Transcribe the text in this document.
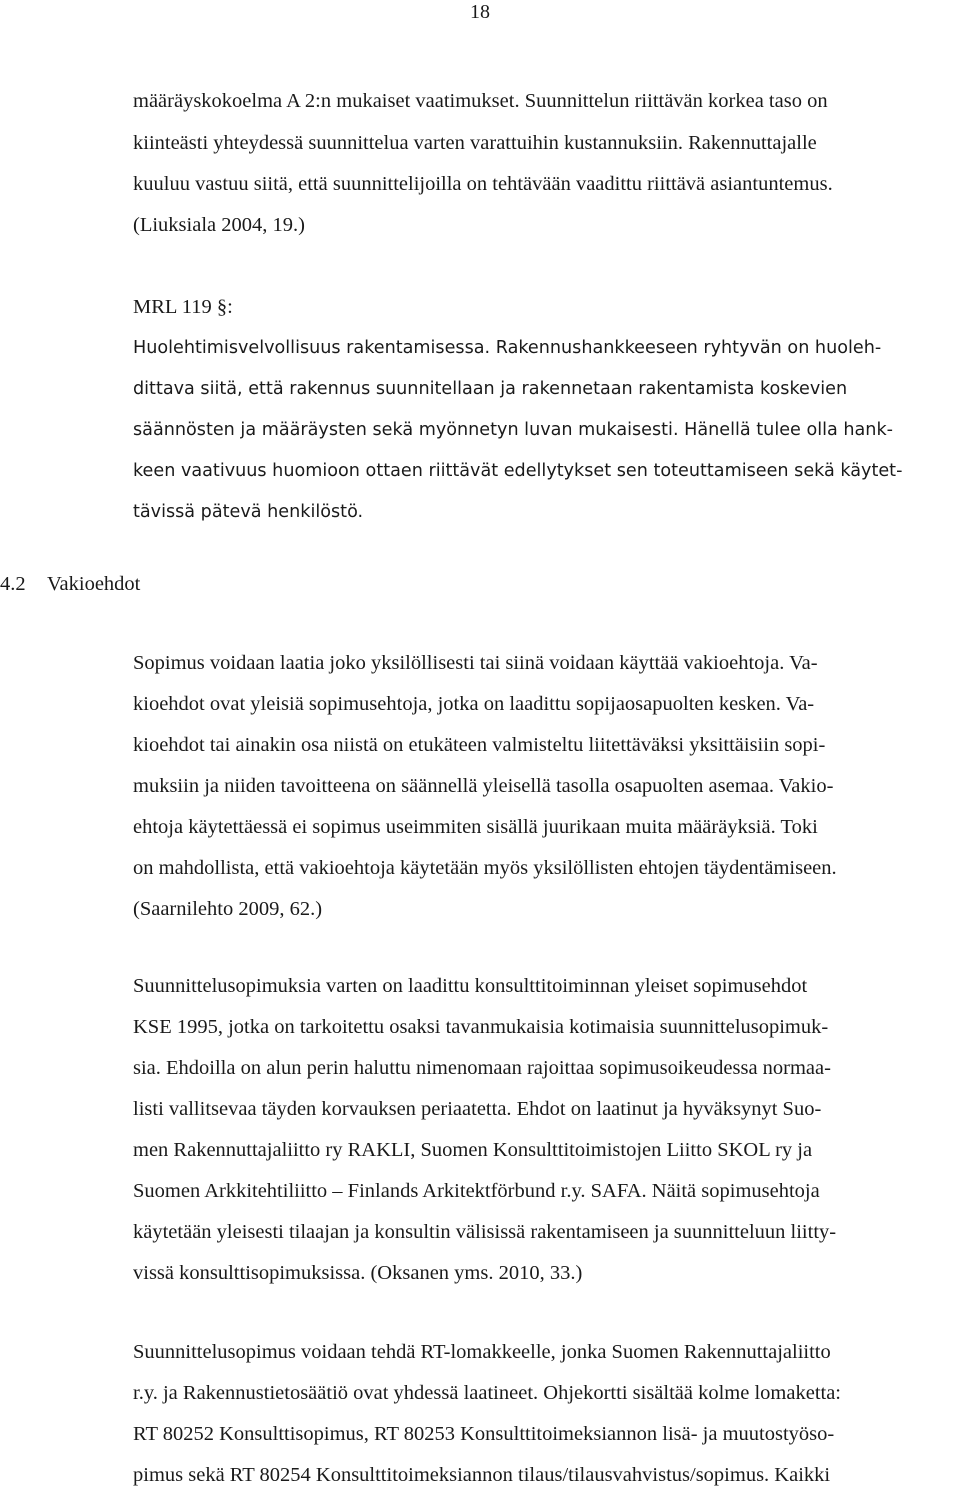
18
määräyskokoelma A 2:n mukaiset vaatimukset. Suunnittelun riittävän korkea taso on
kiinteästi yhteydessä suunnittelua varten varattuihin kustannuksiin. Rakennuttajalle
kuuluu vastuu siitä, että suunnittelijoilla on tehtävään vaadittu riittävä asiantuntemus.
(Liuksiala 2004, 19.)
MRL 119 §:
Huolehtimisvelvollisuus rakentamisessa. Rakennushankkeeseen ryhtyvän on huoleh-
dittava siitä, että rakennus suunnitellaan ja rakennetaan rakentamista koskevien
säännösten ja määräysten sekä myönnetyn luvan mukaisesti. Hänellä tulee olla hank-
keen vaativuus huomioon ottaen riittävät edellytykset sen toteuttamiseen sekä käytet-
tävissä pätevä henkilöstö.
4.2 Vakioehdot
Sopimus voidaan laatia joko yksilöllisesti tai siinä voidaan käyttää vakioehtoja. Va-
kioehdot ovat yleisiä sopimusehtoja, jotka on laadittu sopijaosapuolten kesken. Va-
kioehdot tai ainakin osa niistä on etukäteen valmisteltu liitettäväksi yksittäisiin sopi-
muksiin ja niiden tavoitteena on säännellä yleisellä tasolla osapuolten asemaa. Vakio-
ehtoja käytettäessä ei sopimus useimmiten sisällä juurikaan muita määräyksiä. Toki
on mahdollista, että vakioehtoja käytetään myös yksilöllisten ehtojen täydentämiseen.
(Saarnilehto 2009, 62.)
Suunnittelusopimuksia varten on laadittu konsulttitoiminnan yleiset sopimusehdot
KSE 1995, jotka on tarkoitettu osaksi tavanmukaisia kotimaisia suunnittelusopimuk-
sia. Ehdoilla on alun perin haluttu nimenomaan rajoittaa sopimusoikeudessa normaa-
listi vallitsevaa täyden korvauksen periaatetta. Ehdot on laatinut ja hyväksynyt Suo-
men Rakennuttajaliitto ry RAKLI, Suomen Konsulttitoimistojen Liitto SKOL ry ja
Suomen Arkkitehtiliitto – Finlands Arkitektförbund r.y. SAFA. Näitä sopimusehtoja
käytetään yleisesti tilaajan ja konsultin välisissä rakentamiseen ja suunnitteluun liitty-
vissä konsulttisopimuksissa. (Oksanen yms. 2010, 33.)
Suunnittelusopimus voidaan tehdä RT-lomakkeelle, jonka Suomen Rakennuttajaliitto
r.y. ja Rakennustietosäätiö ovat yhdessä laatineet. Ohjekortti sisältää kolme lomaketta:
RT 80252 Konsulttisopimus, RT 80253 Konsulttitoimeksiannon lisä- ja muutostyöso-
pimus sekä RT 80254 Konsulttitoimeksiannon tilaus/tilausvahvistus/sopimus. Kaikki
